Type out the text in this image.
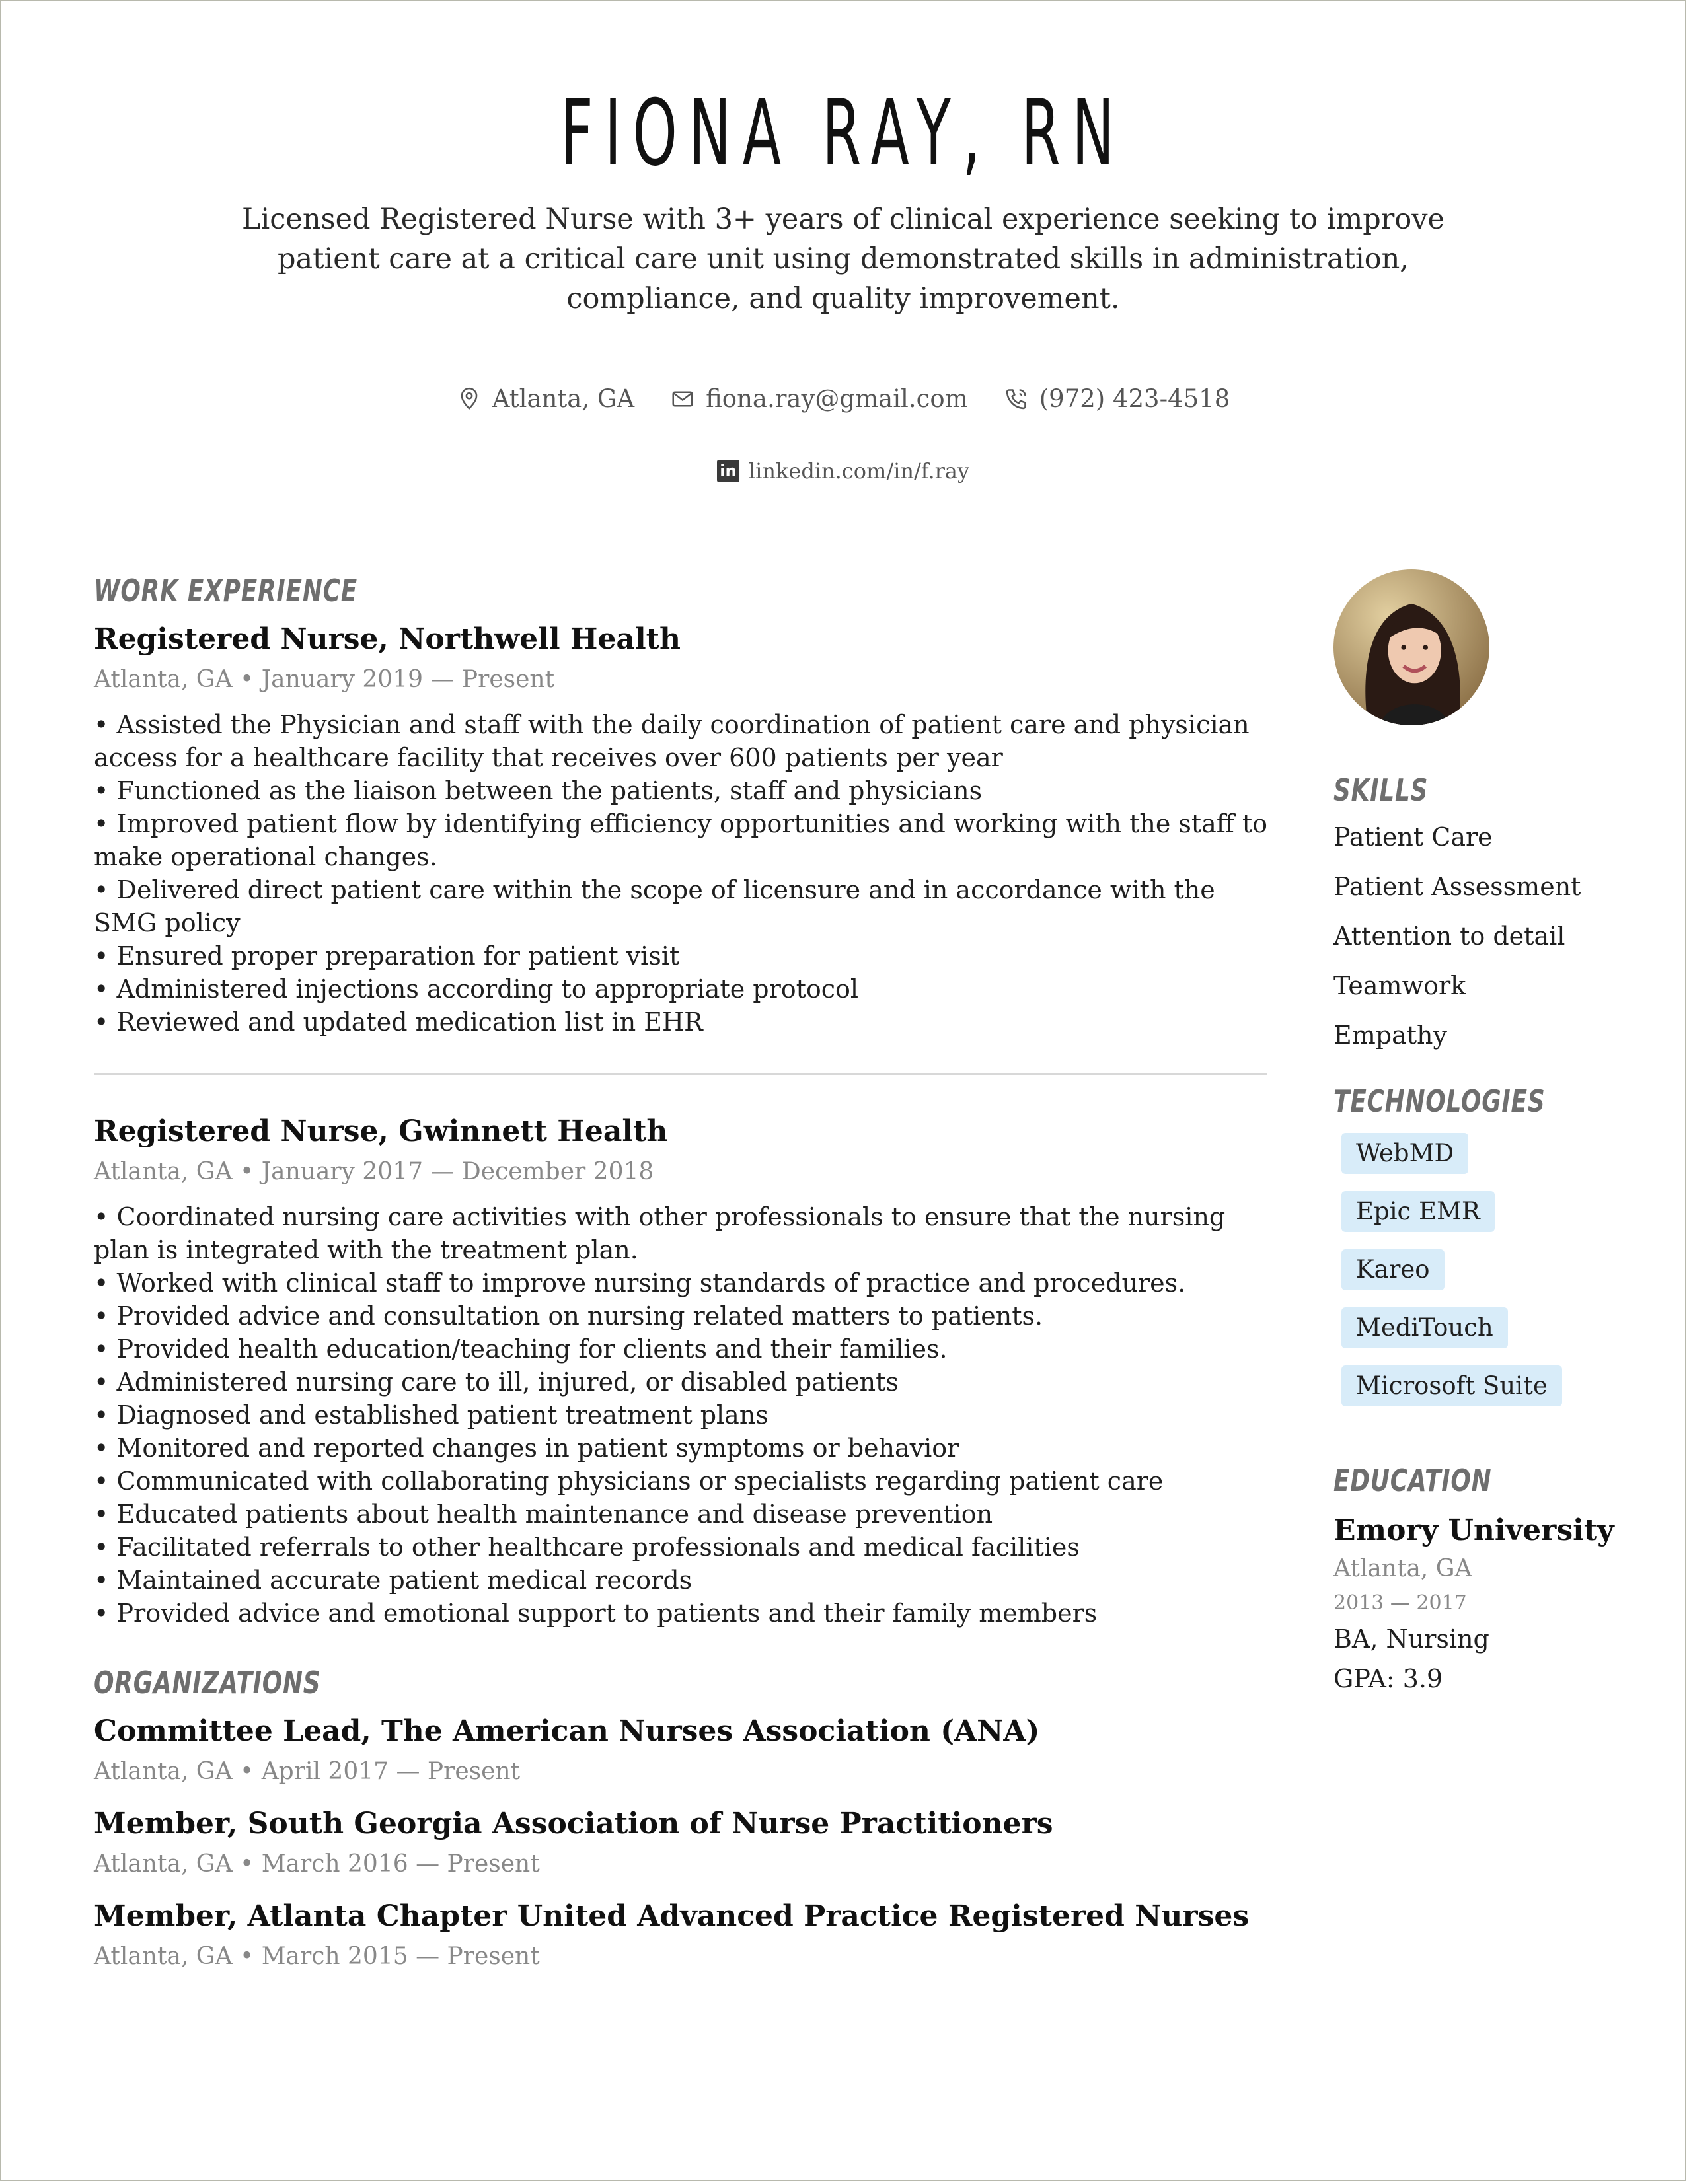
FIONA RAY, RN

Licensed Registered Nurse with 3+ years of clinical experience seeking to improve patient care at a critical care unit using demonstrated skills in administration, compliance, and quality improvement.

Atlanta, GA	fiona.ray@gmail.com	(972) 423-4518
in linkedin.com/in/f.ray
WORK EXPERIENCE
Registered Nurse, Northwell Health
Atlanta, GA • January 2019 — Present
• Assisted the Physician and staff with the daily coordination of patient care and physician access for a healthcare facility that receives over 600 patients per year
• Functioned as the liaison between the patients, staff and physicians
• Improved patient flow by identifying efficiency opportunities and working with the staff to make operational changes.
• Delivered direct patient care within the scope of licensure and in accordance with the SMG policy
• Ensured proper preparation for patient visit
• Administered injections according to appropriate protocol
• Reviewed and updated medication list in EHR
Registered Nurse, Gwinnett Health
Atlanta, GA • January 2017 — December 2018
• Coordinated nursing care activities with other professionals to ensure that the nursing plan is integrated with the treatment plan.
• Worked with clinical staff to improve nursing standards of practice and procedures.
• Provided advice and consultation on nursing related matters to patients.
• Provided health education/teaching for clients and their families.
• Administered nursing care to ill, injured, or disabled patients
• Diagnosed and established patient treatment plans
• Monitored and reported changes in patient symptoms or behavior
• Communicated with collaborating physicians or specialists regarding patient care
• Educated patients about health maintenance and disease prevention
• Facilitated referrals to other healthcare professionals and medical facilities
• Maintained accurate patient medical records
• Provided advice and emotional support to patients and their family members
ORGANIZATIONS
Committee Lead, The American Nurses Association (ANA)
Atlanta, GA • April 2017 — Present
Member, South Georgia Association of Nurse Practitioners
Atlanta, GA • March 2016 — Present
Member, Atlanta Chapter United Advanced Practice Registered Nurses
Atlanta, GA • March 2015 — Present
SKILLS
Patient Care
Patient Assessment
Attention to detail
Teamwork
Empathy
TECHNOLOGIES
WebMD
Epic EMR
Kareo
MediTouch
Microsoft Suite
EDUCATION
Emory University
Atlanta, GA
2013 — 2017
BA, Nursing
GPA: 3.9
